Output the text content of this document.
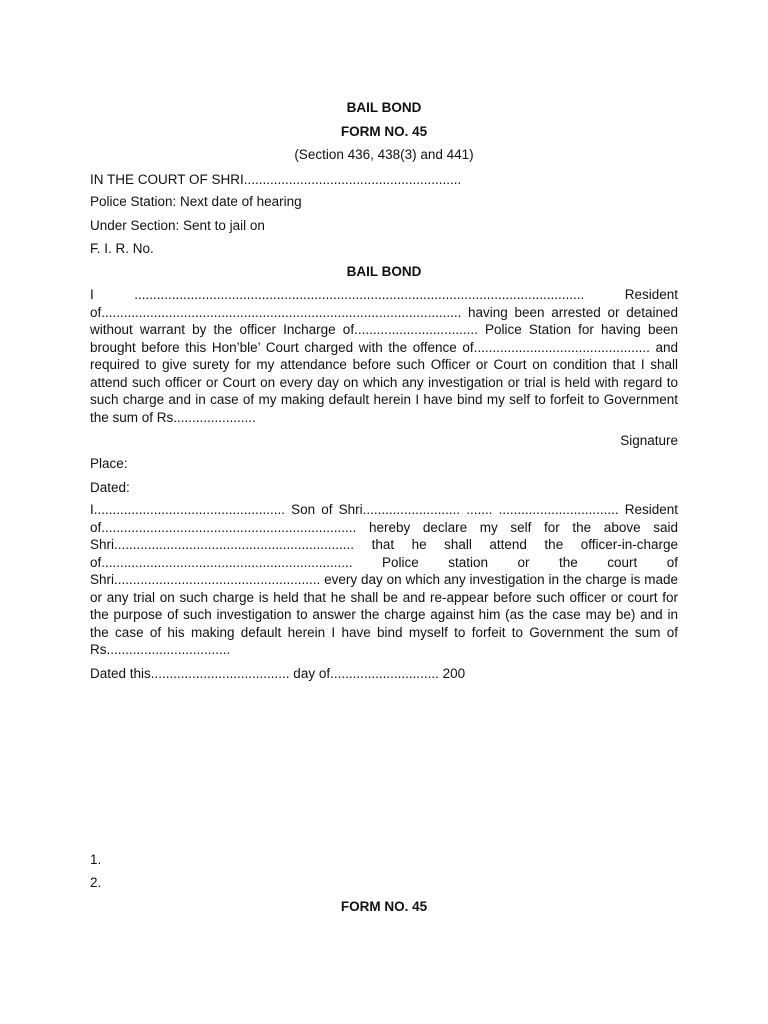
BAIL BOND
FORM NO. 45
(Section 436, 438(3) and 441)
IN THE COURT OF SHRI..........................................................
Police Station: Next date of hearing
Under Section: Sent to jail on
F. I. R. No.
BAIL BOND
I ........................................................................................................................ Resident of................................................................................................ having been arrested or detained without warrant by the officer Incharge of................................. Police Station for having been brought before this Hon’ble’ Court charged with the offence of............................................... and required to give surety for my attendance before such Officer or Court on condition that I shall attend such officer or Court on every day on which any investigation or trial is held with regard to such charge and in case of my making default herein I have bind my self to forfeit to Government the sum of Rs......................
Signature
Place:
Dated:
I................................................... Son of Shri.......................... ....... ................................ Resident of.................................................................... hereby declare my self for the above said Shri................................................................ that he shall attend the officer-in-charge of................................................................... Police station or the court of Shri....................................................... every day on which any investigation in the charge is made or any trial on such charge is held that he shall be and re-appear before such officer or court for the purpose of such investigation to answer the charge against him (as the case may be) and in the case of his making default herein I have bind myself to forfeit to Government the sum of Rs.................................
Dated this..................................... day of............................. 200
1.
2.
FORM NO. 45
